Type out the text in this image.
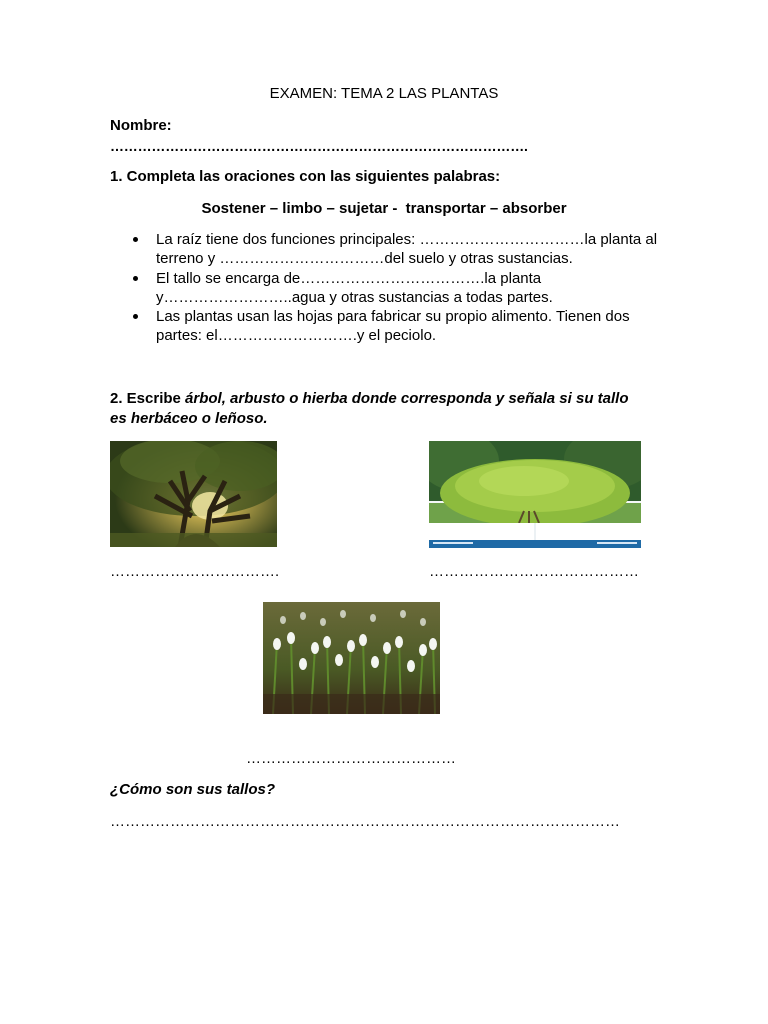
EXAMEN: TEMA 2 LAS PLANTAS
Nombre:
……………………………………………………………………………….
1. Completa las oraciones con las siguientes palabras:
Sostener – limbo – sujetar -  transportar – absorber
La raíz tiene dos funciones principales: ……………………………la planta al terreno y ……………………………del suelo y otras sustancias.
El tallo se encarga de……………………………….la planta y……………………..agua y otras sustancias a todas partes.
Las plantas usan las hojas para fabricar su propio alimento. Tienen dos partes: el……………………….y el peciolo.
2. Escribe árbol, arbusto o hierba donde corresponda y señala si su tallo
es herbáceo o leñoso.
…………………………….	……………………………………
……………………………………
¿Cómo son sus tallos?
…………………………………………………………………………………………
